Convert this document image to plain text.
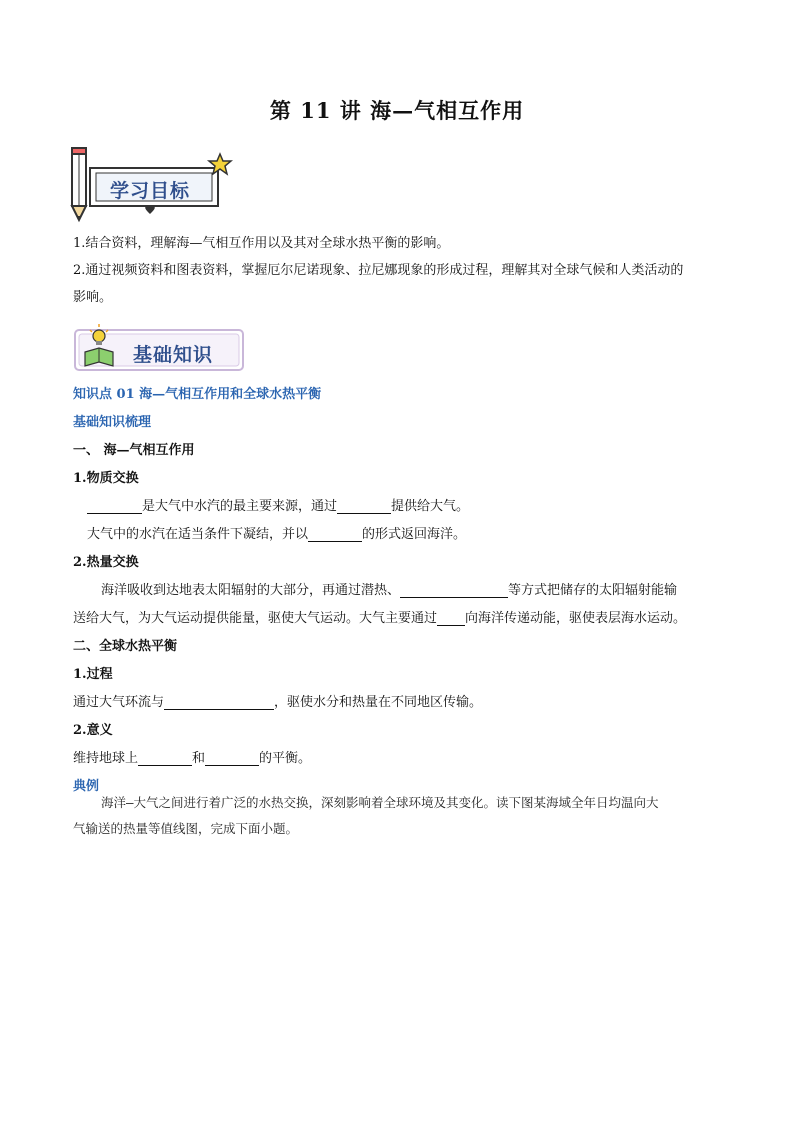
第 11 讲 海—气相互作用
学习目标
1.结合资料，理解海—气相互作用以及其对全球水热平衡的影响。
2.通过视频资料和图表资料，掌握厄尔尼诺现象、拉尼娜现象的形成过程，理解其对全球气候和人类活动的
影响。
基础知识
知识点 01 海—气相互作用和全球水热平衡
基础知识梳理
一、 海—气相互作用
1.物质交换
是大气中水汽的最主要来源，通过	提供给大气。
大气中的水汽在适当条件下凝结，并以	的形式返回海洋。
2.热量交换
海洋吸收到达地表太阳辐射的大部分，再通过潜热、	等方式把储存的太阳辐射能输
送给大气，为大气运动提供能量，驱使大气运动。大气主要通过 向海洋传递动能，驱使表层海水运动。
二、全球水热平衡
1.过程
通过大气环流与	，驱使水分和热量在不同地区传输。
2.意义
维持地球上	和	的平衡。
典例
海洋—大气之间进行着广泛的水热交换，深刻影响着全球环境及其变化。读下图某海域全年日均温向大
气输送的热量等值线图，完成下面小题。
